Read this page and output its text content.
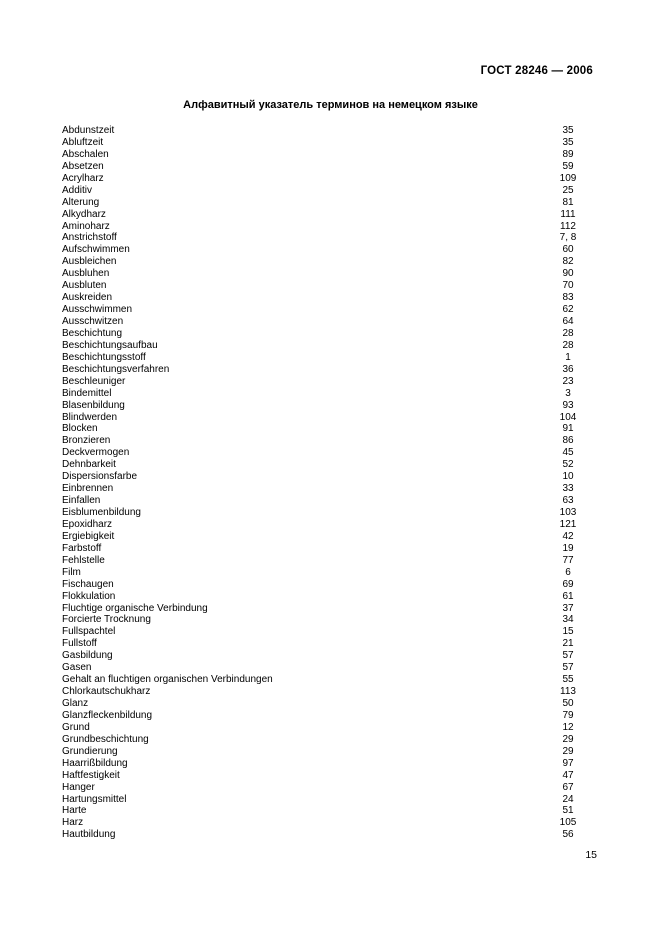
ГОСТ 28246 — 2006
Алфавитный указатель терминов на немецком языке
Abdunstzeit	35
Abluftzeit	35
Abschalen	89
Absetzen	59
Acrylharz	109
Additiv	25
Alterung	81
Alkydharz	111
Aminoharz	112
Anstrichstoff	7, 8
Aufschwimmen	60
Ausbleichen	82
Ausbluhen	90
Ausbluten	70
Auskreiden	83
Ausschwimmen	62
Ausschwitzen	64
Beschichtung	28
Beschichtungsaufbau	28
Beschichtungsstoff	1
Beschichtungsverfahren	36
Beschleuniger	23
Bindemittel	3
Blasenbildung	93
Blindwerden	104
Blocken	91
Bronzieren	86
Deckvermogen	45
Dehnbarkeit	52
Dispersionsfarbe	10
Einbrennen	33
Einfallen	63
Eisblumenbildung	103
Epoxidharz	121
Ergiebigkeit	42
Farbstoff	19
Fehlstelle	77
Film	6
Fischaugen	69
Flokkulation	61
Fluchtige organische Verbindung	37
Forcierte Trocknung	34
Fullspachtel	15
Fullstoff	21
Gasbildung	57
Gasen	57
Gehalt an fluchtigen organischen Verbindungen	55
Chlorkautschukharz	113
Glanz	50
Glanzfleckenbildung	79
Grund	12
Grundbeschichtung	29
Grundierung	29
Haarrißbildung	97
Haftfestigkeit	47
Hanger	67
Hartungsmittel	24
Harte	51
Harz	105
Hautbildung	56
15
